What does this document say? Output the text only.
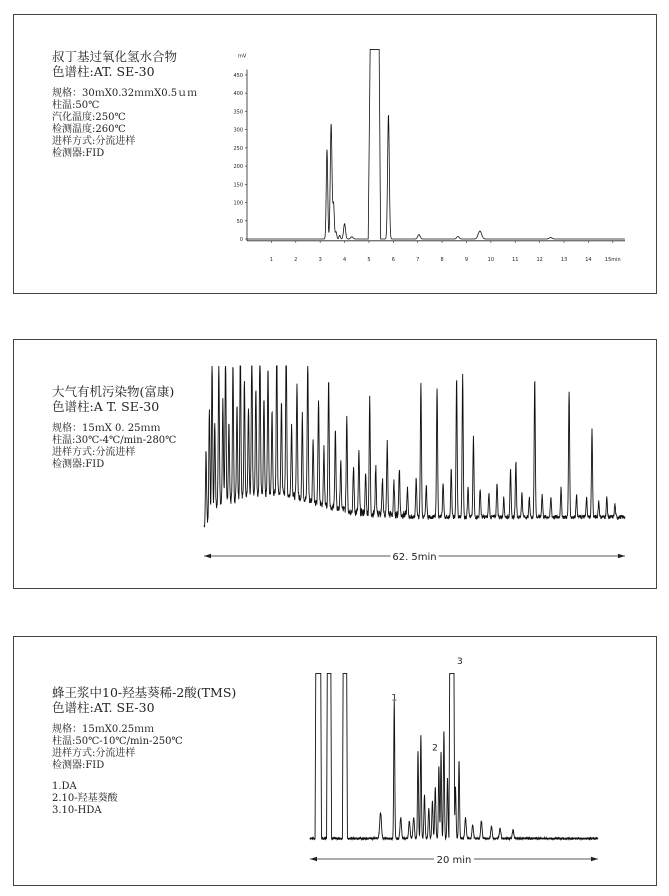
叔丁基过氧化氢水合物
色谱柱:AT. SE-30
规格：30ｍX0.32ｍｍX0.5ｕｍ
柱温:50℃
汽化温度:250℃
检测温度:260℃
进样方式:分流进样
检测器:FID
mV
0
50
100
150
200
250
300
350
400
450
1	2	3	4	5	6	7	8	9	10	11	12	13	14	15min
大气有机污染物(富康)
色谱柱:A T. SE-30
规格：15ｍX 0. 25ｍｍ
柱温:30℃-4℃/min-280℃
进样方式:分流进样
检测器:FID
62. 5min
蜂王浆中10-羟基葵稀-2酸(TMS)
色谱柱:AT. SE-30
规格：15ｍX0.25ｍｍ
柱温:50℃-10℃/min-250℃
进样方式:分流进样
检测器:FID
1.DA
2.10-羟基葵酸
3.10-HDA
1
2
3
20 min
